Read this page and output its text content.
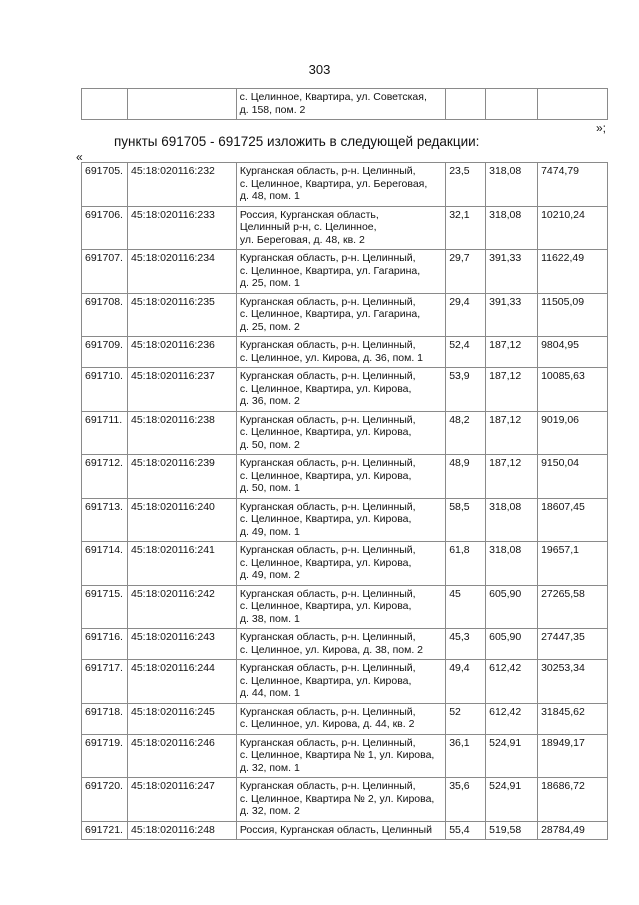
303
		с. Целинное, Квартира, ул. Советская,
д. 158, пом. 2			
»;
пункты 691705 - 691725 изложить в следующей редакции:
«
691705.	45:18:020116:232	Курганская область, р-н. Целинный,
с. Целинное, Квартира, ул. Береговая,
д. 48, пом. 1	23,5	318,08	7474,79
691706.	45:18:020116:233	Россия, Курганская область,
Целинный р-н, с. Целинное,
ул. Береговая, д. 48, кв. 2	32,1	318,08	10210,24
691707.	45:18:020116:234	Курганская область, р-н. Целинный,
с. Целинное, Квартира, ул. Гагарина,
д. 25, пом. 1	29,7	391,33	11622,49
691708.	45:18:020116:235	Курганская область, р-н. Целинный,
с. Целинное, Квартира, ул. Гагарина,
д. 25, пом. 2	29,4	391,33	11505,09
691709.	45:18:020116:236	Курганская область, р-н. Целинный,
с. Целинное, ул. Кирова, д. 36, пом. 1	52,4	187,12	9804,95
691710.	45:18:020116:237	Курганская область, р-н. Целинный,
с. Целинное, Квартира, ул. Кирова,
д. 36, пом. 2	53,9	187,12	10085,63
691711.	45:18:020116:238	Курганская область, р-н. Целинный,
с. Целинное, Квартира, ул. Кирова,
д. 50, пом. 2	48,2	187,12	9019,06
691712.	45:18:020116:239	Курганская область, р-н. Целинный,
с. Целинное, Квартира, ул. Кирова,
д. 50, пом. 1	48,9	187,12	9150,04
691713.	45:18:020116:240	Курганская область, р-н. Целинный,
с. Целинное, Квартира, ул. Кирова,
д. 49, пом. 1	58,5	318,08	18607,45
691714.	45:18:020116:241	Курганская область, р-н. Целинный,
с. Целинное, Квартира, ул. Кирова,
д. 49, пом. 2	61,8	318,08	19657,1
691715.	45:18:020116:242	Курганская область, р-н. Целинный,
с. Целинное, Квартира, ул. Кирова,
д. 38, пом. 1	45	605,90	27265,58
691716.	45:18:020116:243	Курганская область, р-н. Целинный,
с. Целинное, ул. Кирова, д. 38, пом. 2	45,3	605,90	27447,35
691717.	45:18:020116:244	Курганская область, р-н. Целинный,
с. Целинное, Квартира, ул. Кирова,
д. 44, пом. 1	49,4	612,42	30253,34
691718.	45:18:020116:245	Курганская область, р-н. Целинный,
с. Целинное, ул. Кирова, д. 44, кв. 2	52	612,42	31845,62
691719.	45:18:020116:246	Курганская область, р-н. Целинный,
с. Целинное, Квартира № 1, ул. Кирова,
д. 32, пом. 1	36,1	524,91	18949,17
691720.	45:18:020116:247	Курганская область, р-н. Целинный,
с. Целинное, Квартира № 2, ул. Кирова,
д. 32, пом. 2	35,6	524,91	18686,72
691721.	45:18:020116:248	Россия, Курганская область, Целинный	55,4	519,58	28784,49
